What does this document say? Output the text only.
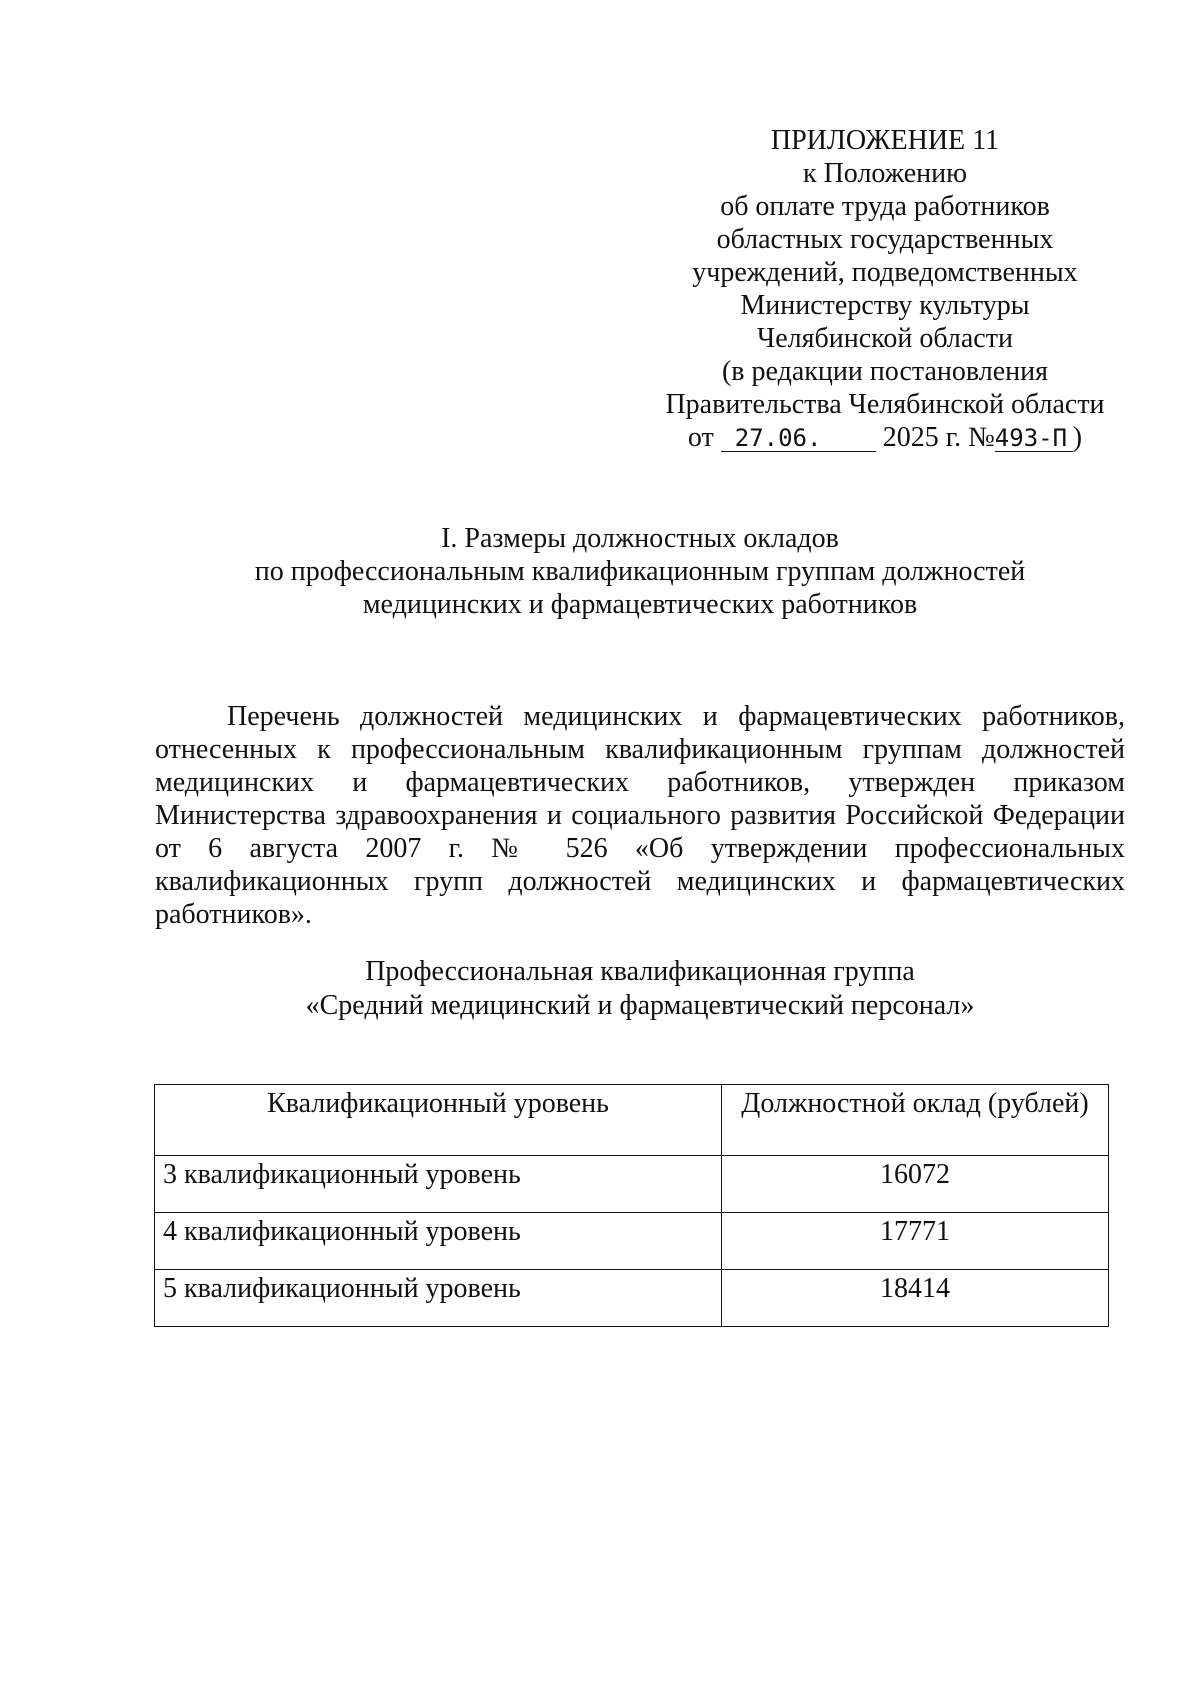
ПРИЛОЖЕНИЕ 11
к Положению
об оплате труда работников
областных государственных
учреждений, подведомственных
Министерству культуры
Челябинской области
(в редакции постановления
Правительства Челябинской области
от 27.06. 2025 г. №493-П )
I. Размеры должностных окладов
по профессиональным квалификационным группам должностей
медицинских и фармацевтических работников
Перечень должностей медицинских и фармацевтических работников, отнесенных к профессиональным квалификационным группам должностей медицинских и фармацевтических работников, утвержден приказом Министерства здравоохранения и социального развития Российской Федерации от 6 августа 2007 г. № 526 «Об утверждении профессиональных квалификационных групп должностей медицинских и фармацевтических работников».
Профессиональная квалификационная группа
«Средний медицинский и фармацевтический персонал»
Квалификационный уровень	Должностной оклад (рублей)
3 квалификационный уровень	16072
4 квалификационный уровень	17771
5 квалификационный уровень	18414
